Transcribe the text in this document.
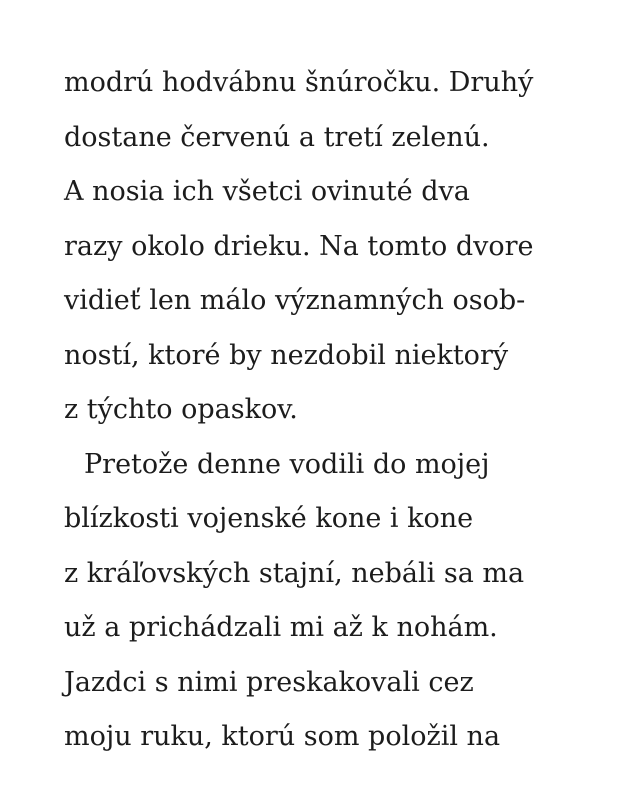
modrú hodvábnu šnúročku. Druhý
dostane červenú a tretí zelenú.
A nosia ich všetci ovinuté dva
razy okolo drieku. Na tomto dvore
vidieť len málo významných osob-
ností, ktoré by nezdobil niektorý
z týchto opaskov.
Pretože denne vodili do mojej
blízkosti vojenské kone i kone
z kráľovských stajní, nebáli sa ma
už a prichádzali mi až k nohám.
Jazdci s nimi preskakovali cez
moju ruku, ktorú som položil na
